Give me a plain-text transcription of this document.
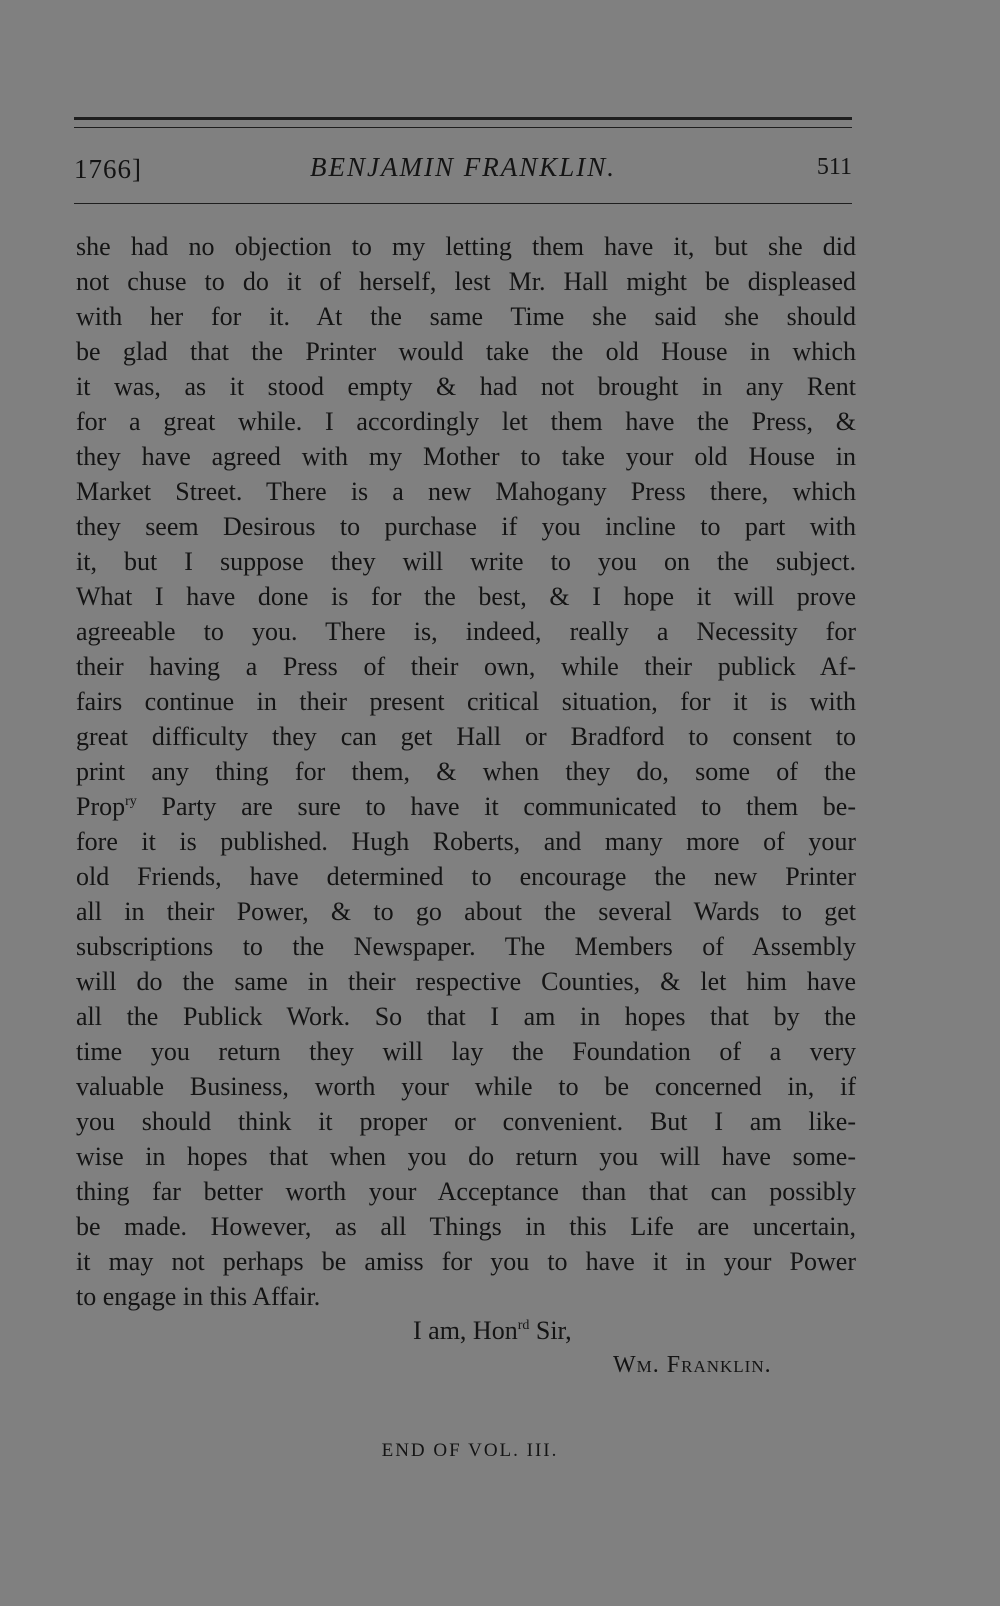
1766]	BENJAMIN FRANKLIN.	511
she had no objection to my letting them have it, but she did
not chuse to do it of herself, lest Mr. Hall might be displeased
with her for it. At the same Time she said she should
be glad that the Printer would take the old House in which
it was, as it stood empty & had not brought in any Rent
for a great while. I accordingly let them have the Press, &
they have agreed with my Mother to take your old House in
Market Street. There is a new Mahogany Press there, which
they seem Desirous to purchase if you incline to part with
it, but I suppose they will write to you on the subject.
What I have done is for the best, & I hope it will prove
agreeable to you. There is, indeed, really a Necessity for
their having a Press of their own, while their publick Af-
fairs continue in their present critical situation, for it is with
great difficulty they can get Hall or Bradford to consent to
print any thing for them, & when they do, some of the
Prop$^{ry}$ Party are sure to have it communicated to them be-
fore it is published. Hugh Roberts, and many more of your
old Friends, have determined to encourage the new Printer
all in their Power, & to go about the several Wards to get
subscriptions to the Newspaper. The Members of Assembly
will do the same in their respective Counties, & let him have
all the Publick Work. So that I am in hopes that by the
time you return they will lay the Foundation of a very
valuable Business, worth your while to be concerned in, if
you should think it proper or convenient. But I am like-
wise in hopes that when you do return you will have some-
thing far better worth your Acceptance than that can possibly
be made. However, as all Things in this Life are uncertain,
it may not perhaps be amiss for you to have it in your Power
to engage in this Affair.
I am, Hon$^{rd}$ Sir,
Wm. Franklin.
END OF VOL. III.
